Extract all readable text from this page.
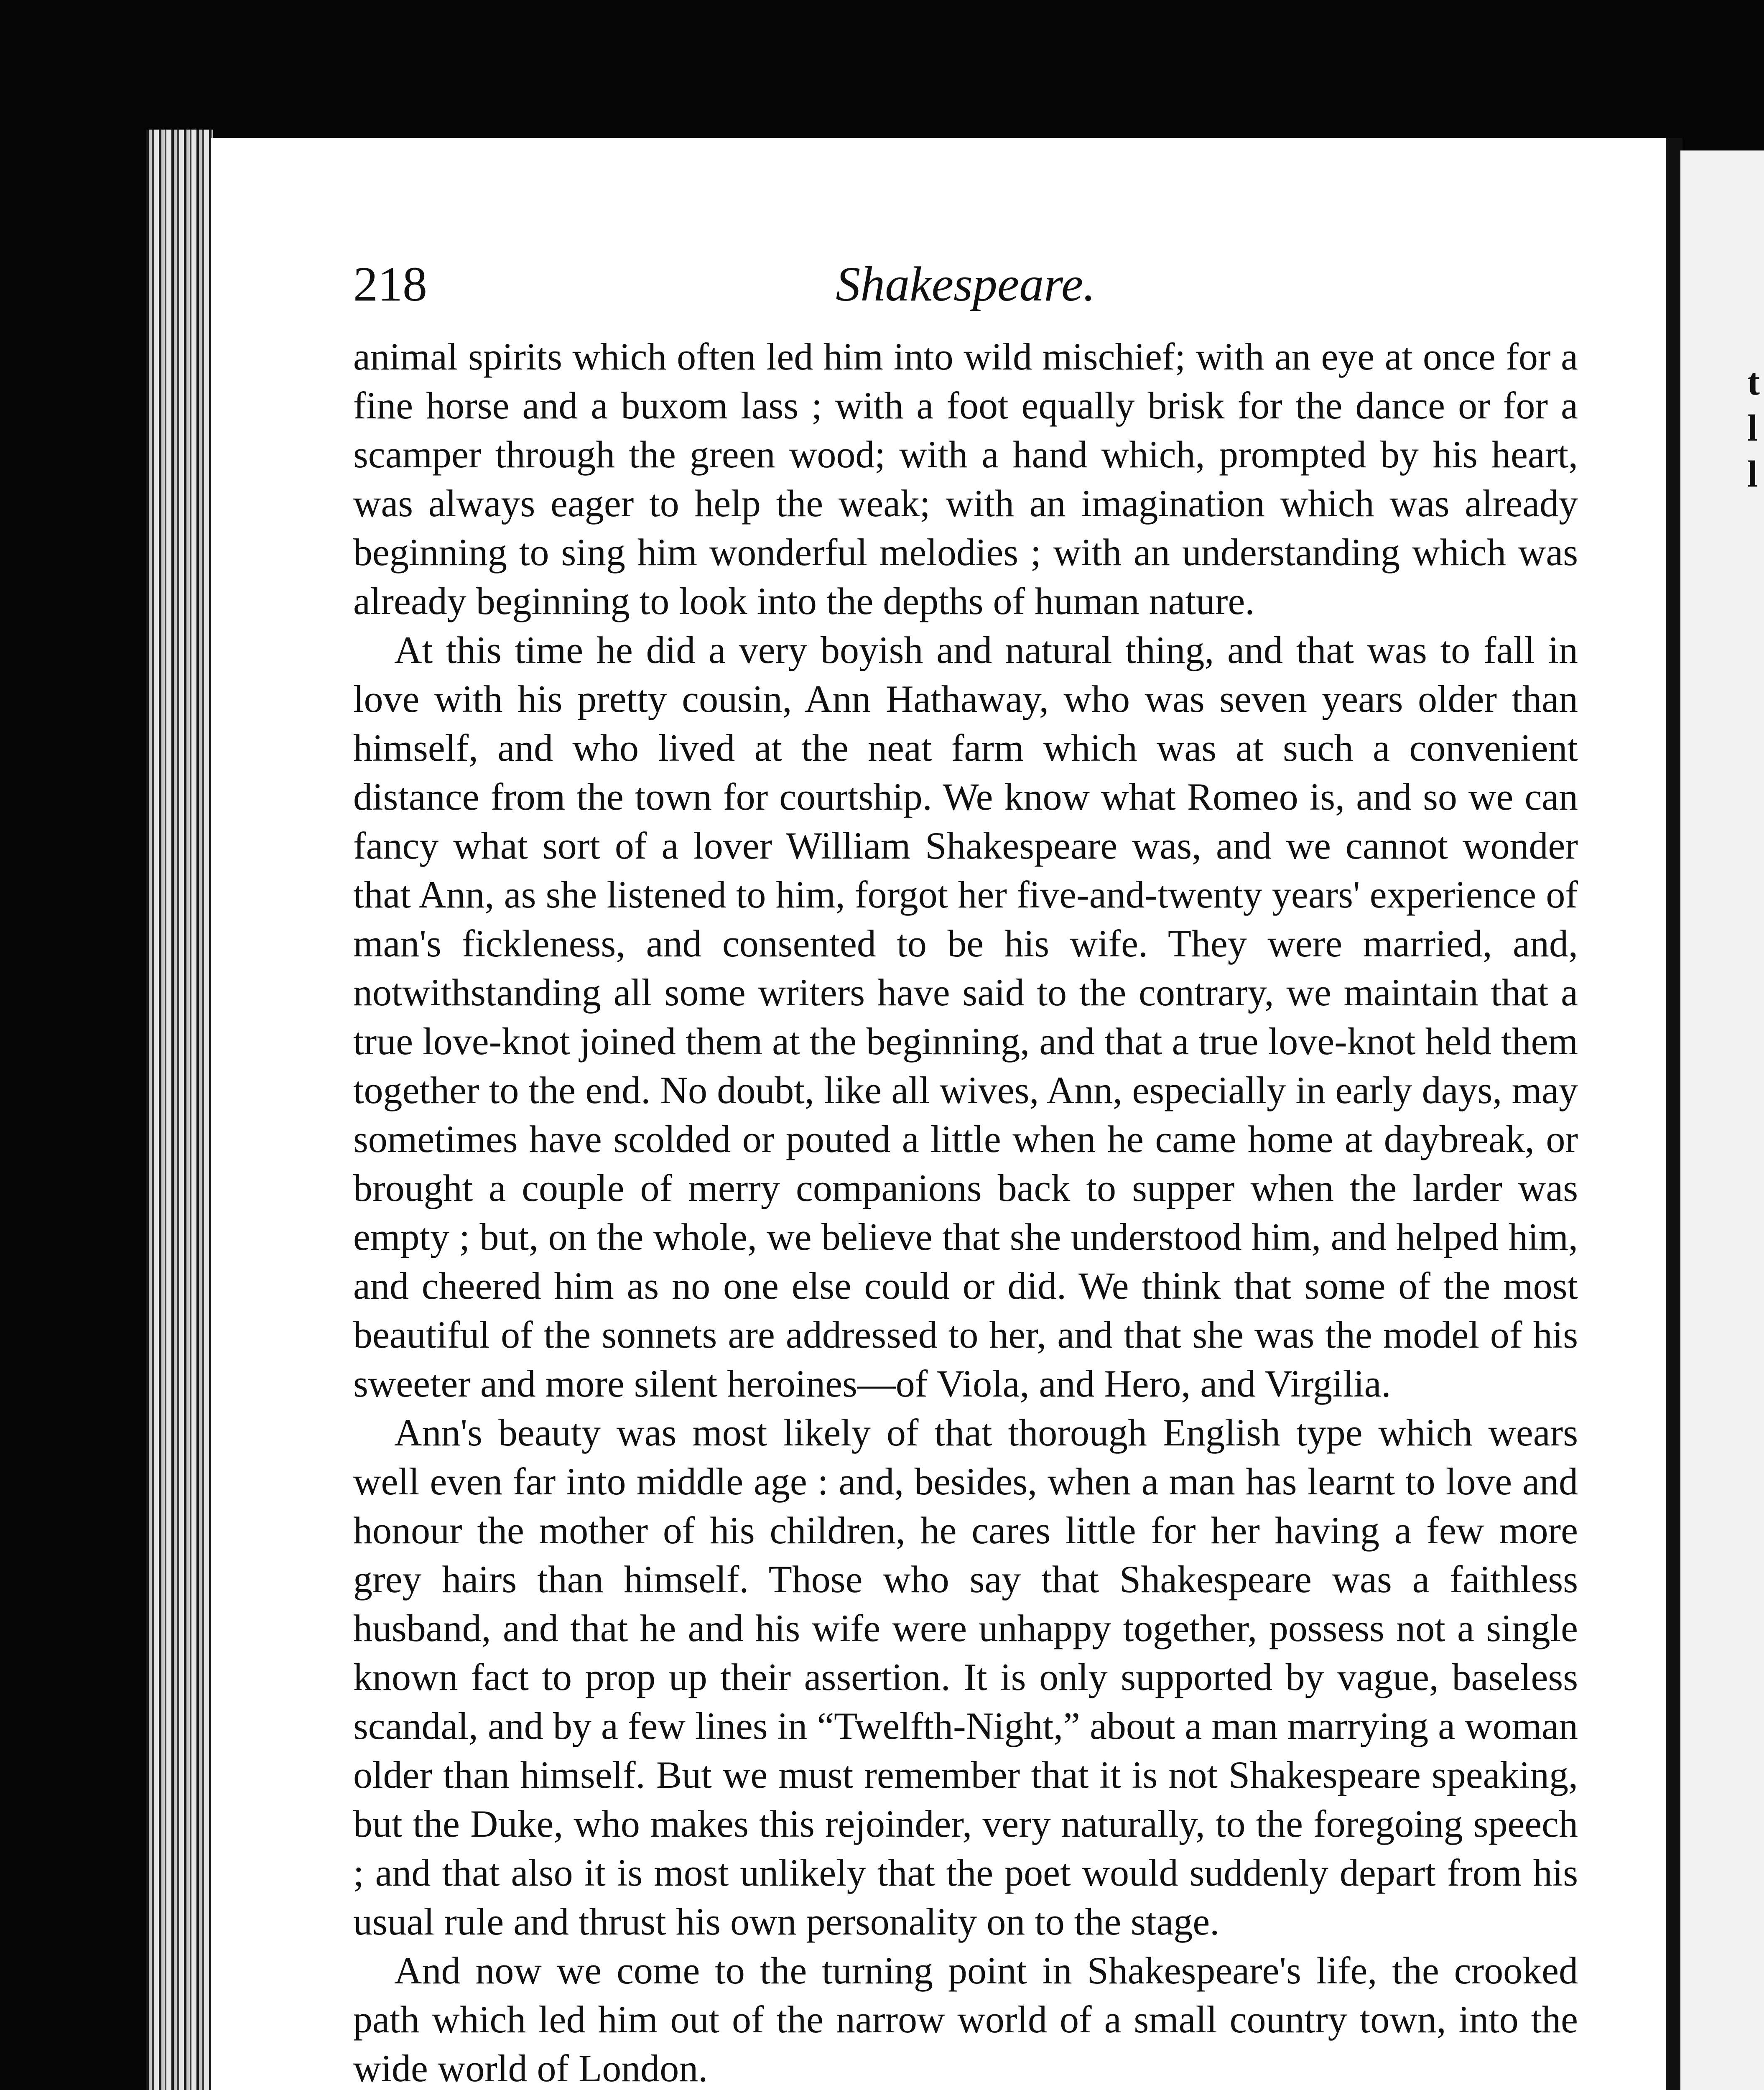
t
l
l
218	Shakespeare.

animal spirits which often led him into wild mischief; with an eye at once for a fine horse and a buxom lass ; with a foot equally brisk for the dance or for a scamper through the green wood; with a hand which, prompted by his heart, was always eager to help the weak; with an imagination which was already beginning to sing him wonderful melodies ; with an understanding which was already beginning to look into the depths of human nature.

At this time he did a very boyish and natural thing, and that was to fall in love with his pretty cousin, Ann Hathaway, who was seven years older than himself, and who lived at the neat farm which was at such a convenient distance from the town for courtship. We know what Romeo is, and so we can fancy what sort of a lover William Shakespeare was, and we cannot wonder that Ann, as she listened to him, forgot her five-and-twenty years' experience of man's fickleness, and consented to be his wife. They were married, and, notwithstanding all some writers have said to the contrary, we maintain that a true love-knot joined them at the beginning, and that a true love-knot held them together to the end. No doubt, like all wives, Ann, especially in early days, may sometimes have scolded or pouted a little when he came home at daybreak, or brought a couple of merry companions back to supper when the larder was empty ; but, on the whole, we believe that she understood him, and helped him, and cheered him as no one else could or did. We think that some of the most beautiful of the sonnets are addressed to her, and that she was the model of his sweeter and more silent heroines—of Viola, and Hero, and Virgilia.

Ann's beauty was most likely of that thorough English type which wears well even far into middle age : and, besides, when a man has learnt to love and honour the mother of his children, he cares little for her having a few more grey hairs than himself. Those who say that Shakespeare was a faithless husband, and that he and his wife were unhappy together, possess not a single known fact to prop up their assertion. It is only supported by vague, baseless scandal, and by a few lines in “Twelfth-Night,” about a man marrying a woman older than himself. But we must remember that it is not Shakespeare speaking, but the Duke, who makes this rejoinder, very naturally, to the foregoing speech ; and that also it is most unlikely that the poet would suddenly depart from his usual rule and thrust his own personality on to the stage.

And now we come to the turning point in Shakespeare's life, the crooked path which led him out of the narrow world of a small country town, into the wide world of London.
